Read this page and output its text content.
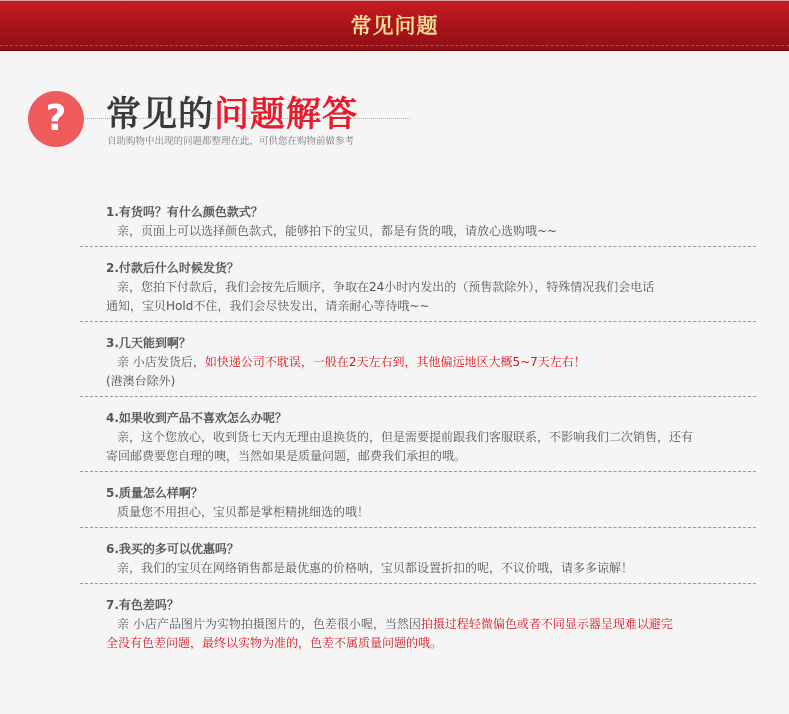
常见问题
?	常见的问题解答
自助购物中出现的问题都整理在此，可供您在购物前做参考
1.有货吗？有什么颜色款式？
亲，页面上可以选择颜色款式，能够拍下的宝贝，都是有货的哦，请放心选购哦~~
2.付款后什么时候发货？
亲，您拍下付款后，我们会按先后顺序，争取在24小时内发出的（预售款除外），特殊情况我们会电话
通知，宝贝Hold不住，我们会尽快发出，请亲耐心等待哦~~
3.几天能到啊？
亲 小店发货后，如快递公司不耽误，一般在2天左右到，其他偏远地区大概5~7天左右！
(港澳台除外)
4.如果收到产品不喜欢怎么办呢？
亲，这个您放心，收到货七天内无理由退换货的，但是需要提前跟我们客服联系，不影响我们二次销售，还有
寄回邮费要您自理的噢，当然如果是质量问题，邮费我们承担的哦。
5.质量怎么样啊？
质量您不用担心，宝贝都是掌柜精挑细选的哦！
6.我买的多可以优惠吗？
亲，我们的宝贝在网络销售都是最优惠的价格呐，宝贝都设置折扣的呢，不议价哦，请多多谅解！
7.有色差吗？
亲 小店产品图片为实物拍摄图片的，色差很小喔，当然因拍摄过程轻微偏色或者不同显示器呈现难以避完
全没有色差问题，最终以实物为准的，色差不属质量问题的哦。
